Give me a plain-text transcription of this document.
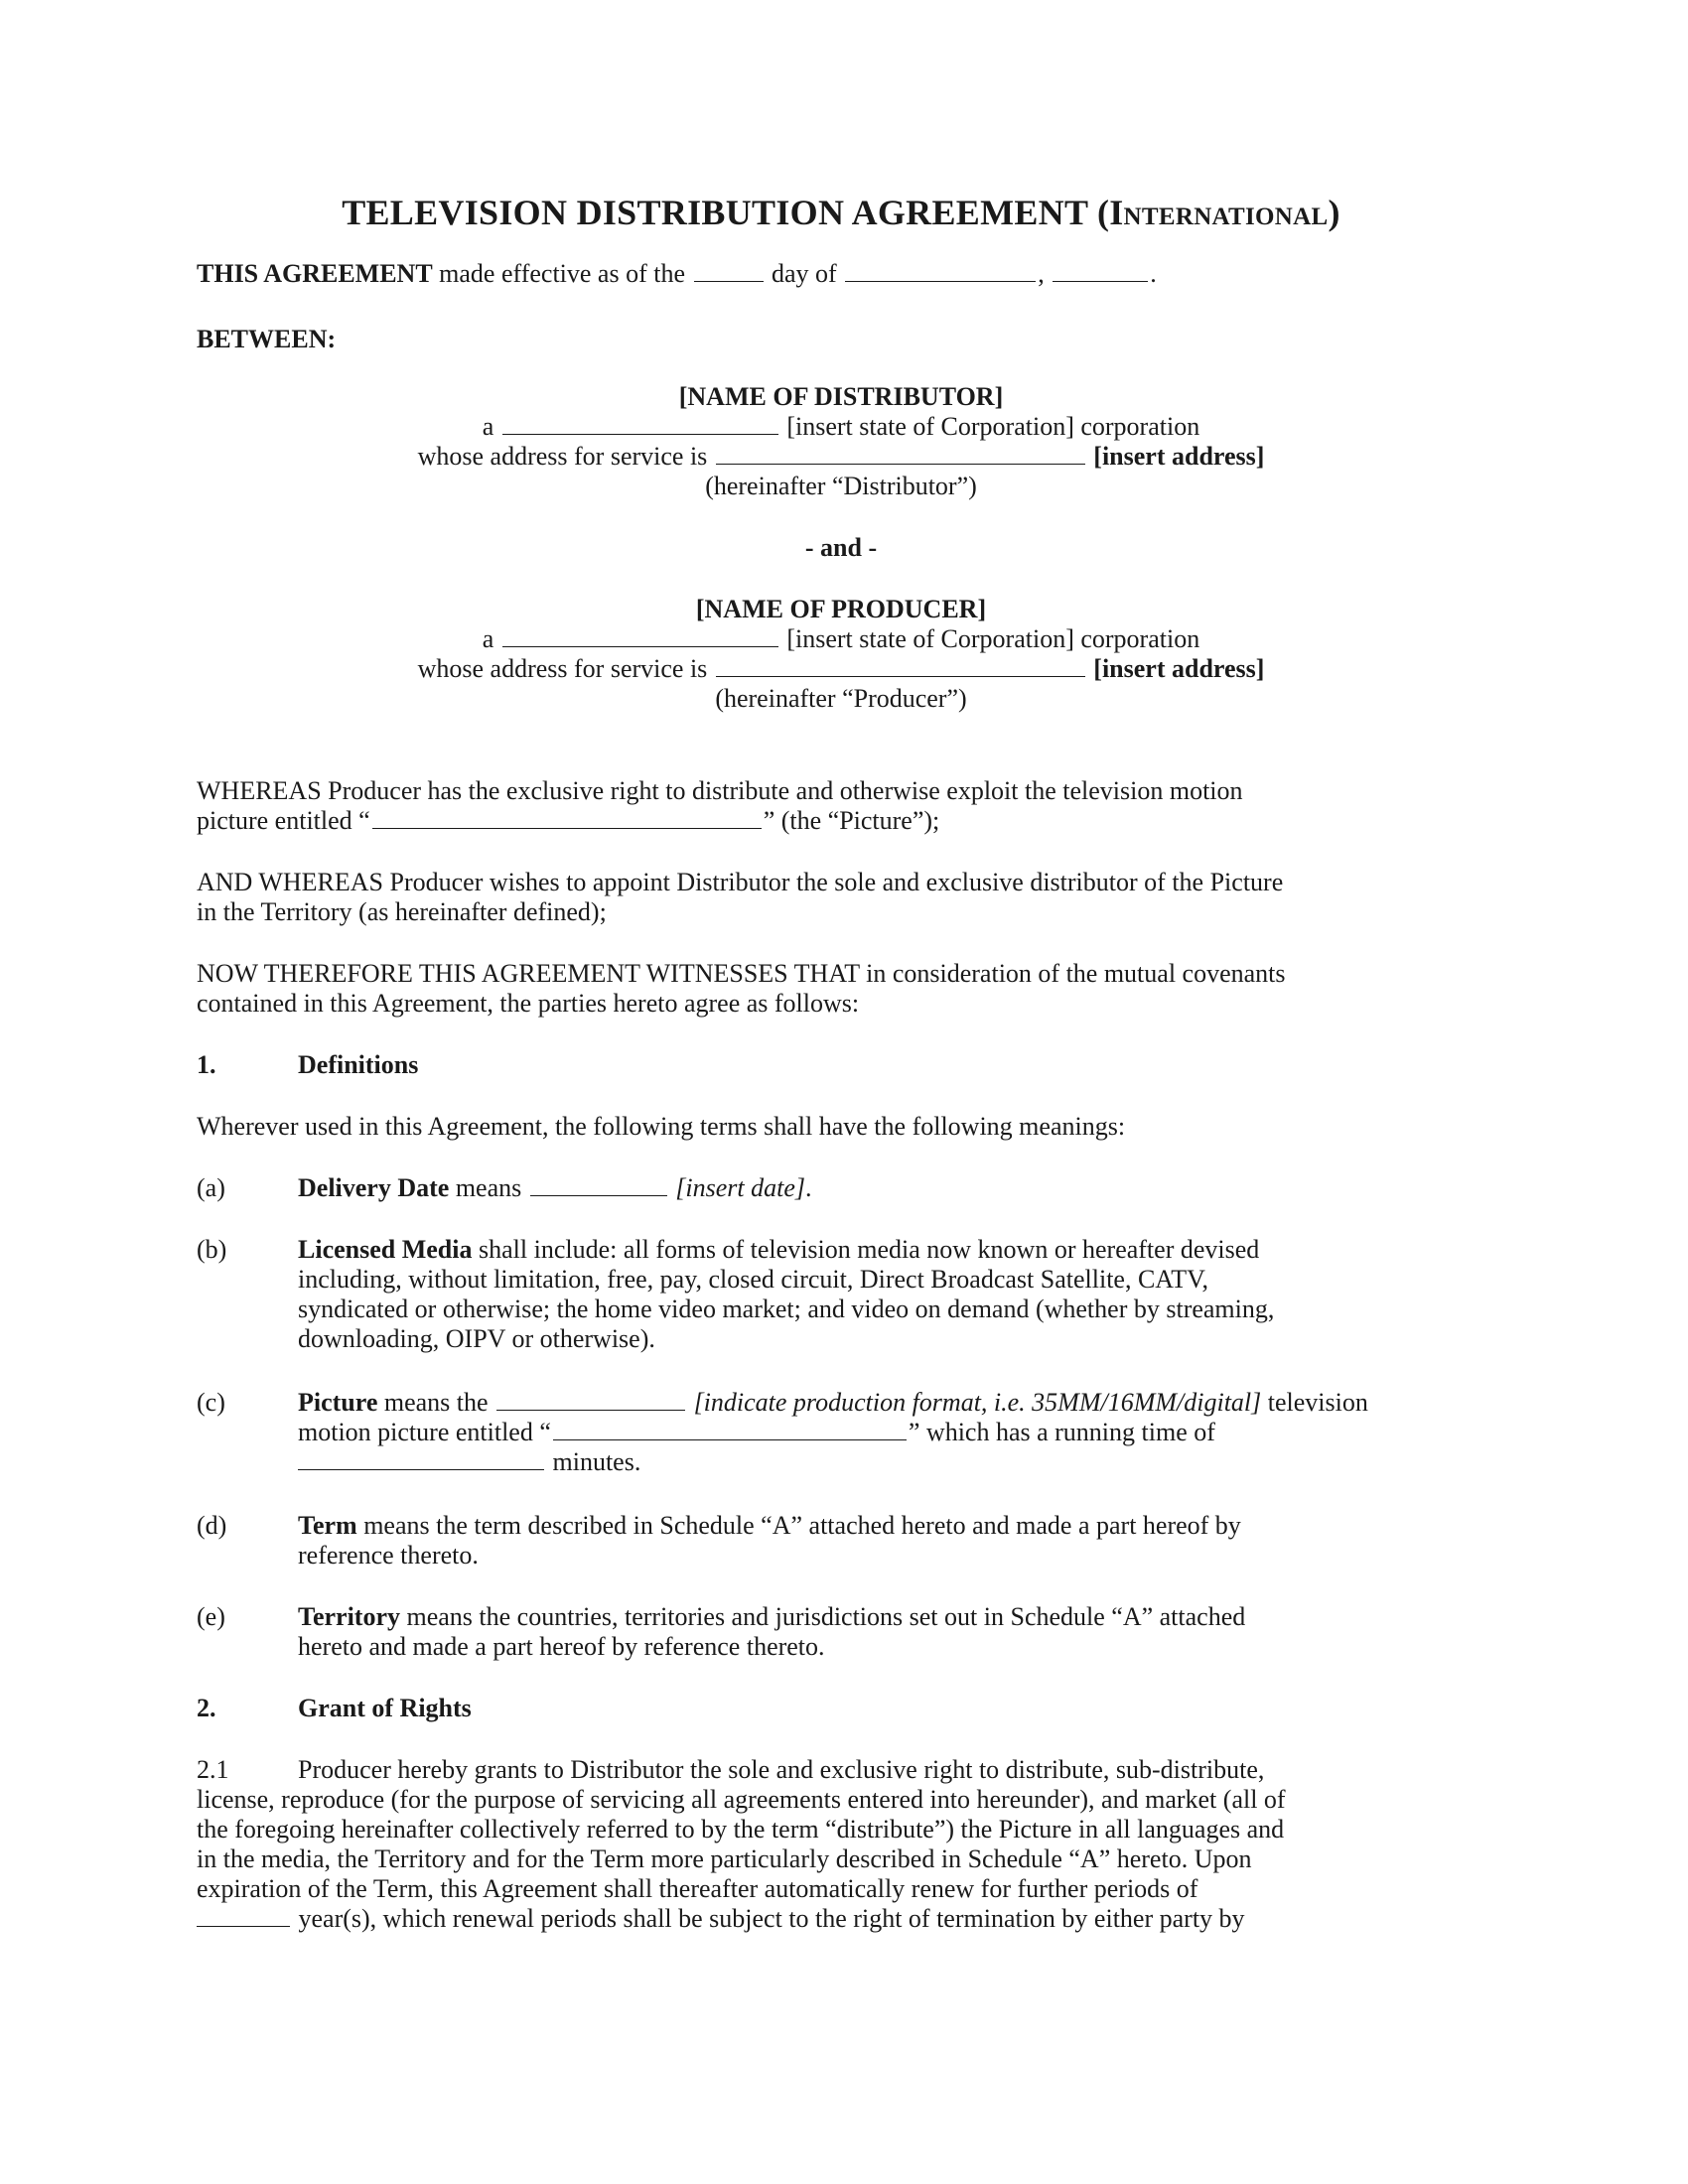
TELEVISION DISTRIBUTION AGREEMENT (International)
THIS AGREEMENT made effective as of the	day of	,	.
BETWEEN:
[NAME OF DISTRIBUTOR]
a	[insert state of Corporation] corporation
whose address for service is	[insert address]
(hereinafter “Distributor”)
- and -
[NAME OF PRODUCER]
a	[insert state of Corporation] corporation
whose address for service is	[insert address]
(hereinafter “Producer”)
WHEREAS Producer has the exclusive right to distribute and otherwise exploit the television motion
picture entitled “	” (the “Picture”);
AND WHEREAS Producer wishes to appoint Distributor the sole and exclusive distributor of the Picture
in the Territory (as hereinafter defined);
NOW THEREFORE THIS AGREEMENT WITNESSES THAT in consideration of the mutual covenants
contained in this Agreement, the parties hereto agree as follows:
1.	Definitions
Wherever used in this Agreement, the following terms shall have the following meanings:
(a)	Delivery Date means	[insert date].
(b)	Licensed Media shall include: all forms of television media now known or hereafter devised
including, without limitation, free, pay, closed circuit, Direct Broadcast Satellite, CATV,
syndicated or otherwise; the home video market; and video on demand (whether by streaming,
downloading, OIPV or otherwise).
(c)	Picture means the	[indicate production format, i.e. 35MM/16MM/digital] television
motion picture entitled “	” which has a running time of
minutes.
(d)	Term means the term described in Schedule “A” attached hereto and made a part hereof by
reference thereto.
(e)	Territory means the countries, territories and jurisdictions set out in Schedule “A” attached
hereto and made a part hereof by reference thereto.
2.	Grant of Rights
2.1	Producer hereby grants to Distributor the sole and exclusive right to distribute, sub-distribute,
license, reproduce (for the purpose of servicing all agreements entered into hereunder), and market (all of
the foregoing hereinafter collectively referred to by the term “distribute”) the Picture in all languages and
in the media, the Territory and for the Term more particularly described in Schedule “A” hereto. Upon
expiration of the Term, this Agreement shall thereafter automatically renew for further periods of
year(s), which renewal periods shall be subject to the right of termination by either party by
